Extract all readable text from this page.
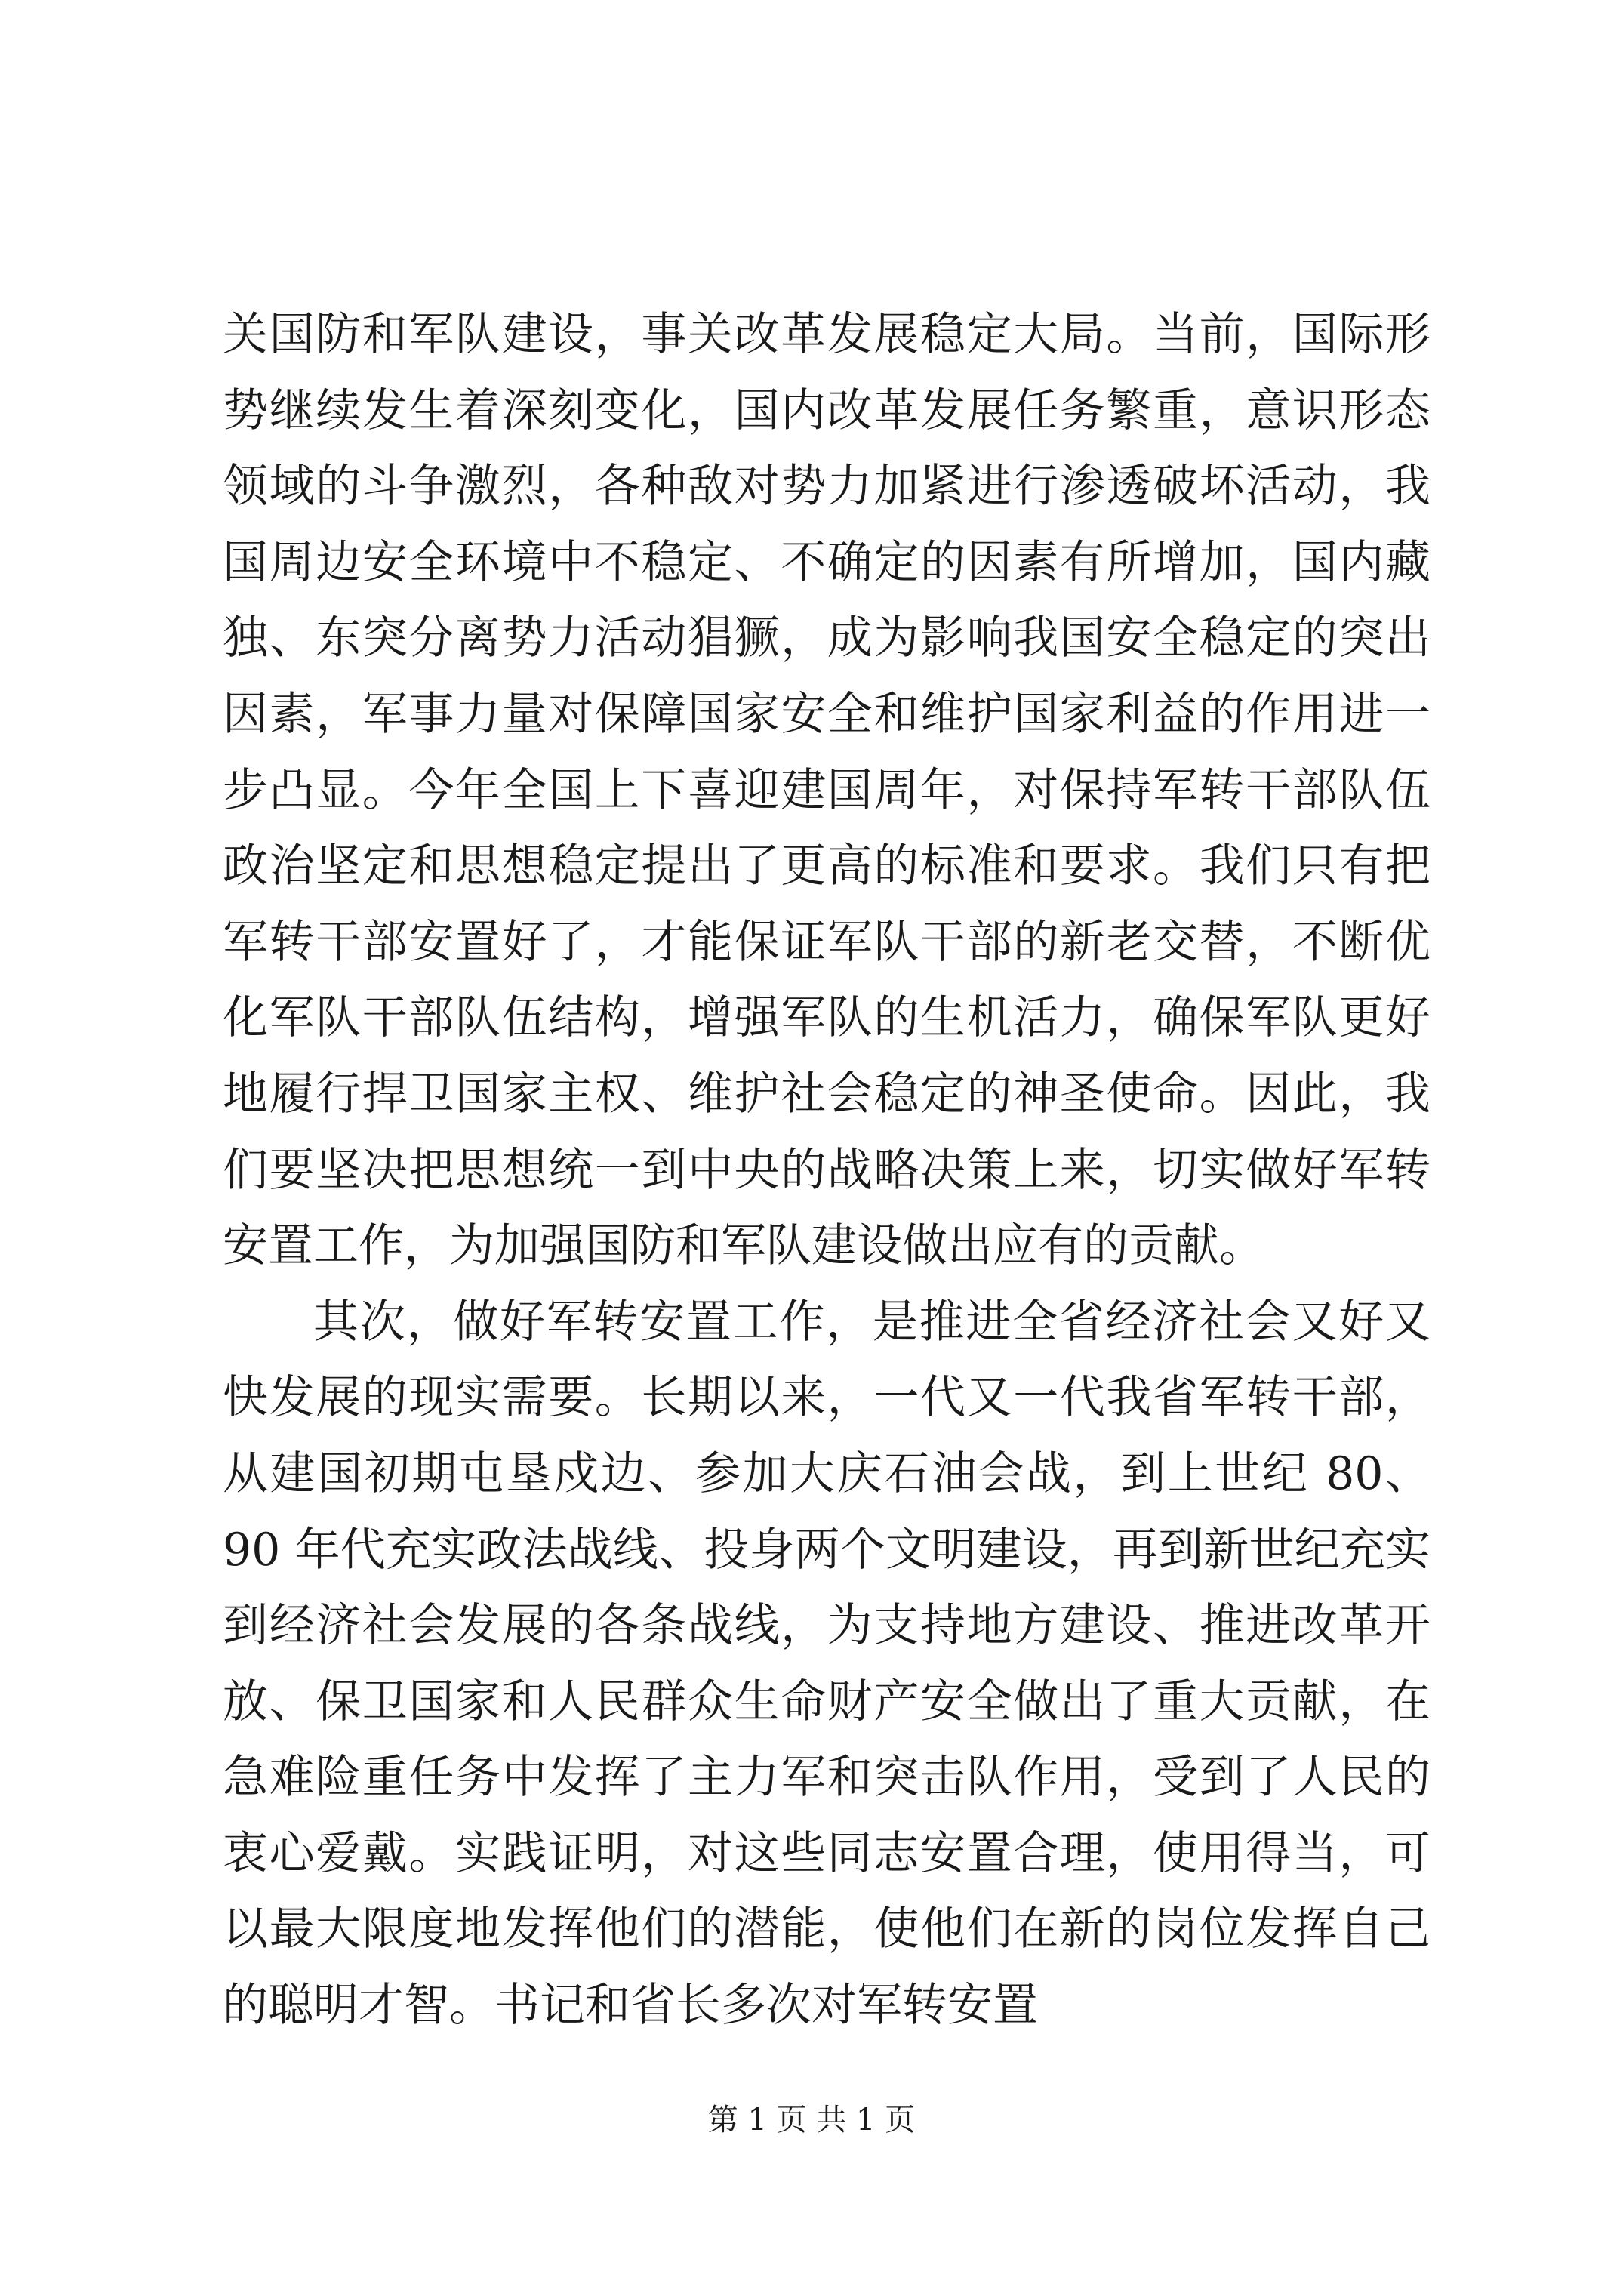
关国防和军队建设，事关改革发展稳定大局。当前，国际形势继续发生着深刻变化，国内改革发展任务繁重，意识形态领域的斗争激烈，各种敌对势力加紧进行渗透破坏活动，我国周边安全环境中不稳定、不确定的因素有所增加，国内藏独、东突分离势力活动猖獗，成为影响我国安全稳定的突出因素，军事力量对保障国家安全和维护国家利益的作用进一步凸显。今年全国上下喜迎建国周年，对保持军转干部队伍政治坚定和思想稳定提出了更高的标准和要求。我们只有把军转干部安置好了，才能保证军队干部的新老交替，不断优化军队干部队伍结构，增强军队的生机活力，确保军队更好地履行捍卫国家主权、维护社会稳定的神圣使命。因此，我们要坚决把思想统一到中央的战略决策上来，切实做好军转安置工作，为加强国防和军队建设做出应有的贡献。

其次，做好军转安置工作，是推进全省经济社会又好又快发展的现实需要。长期以来，一代又一代我省军转干部，从建国初期屯垦戍边、参加大庆石油会战，到上世纪 80、90 年代充实政法战线、投身两个文明建设，再到新世纪充实到经济社会发展的各条战线，为支持地方建设、推进改革开放、保卫国家和人民群众生命财产安全做出了重大贡献，在急难险重任务中发挥了主力军和突击队作用，受到了人民的衷心爱戴。实践证明，对这些同志安置合理，使用得当，可以最大限度地发挥他们的潜能，使他们在新的岗位发挥自己的聪明才智。书记和省长多次对军转安置

第 1 页 共 1 页
